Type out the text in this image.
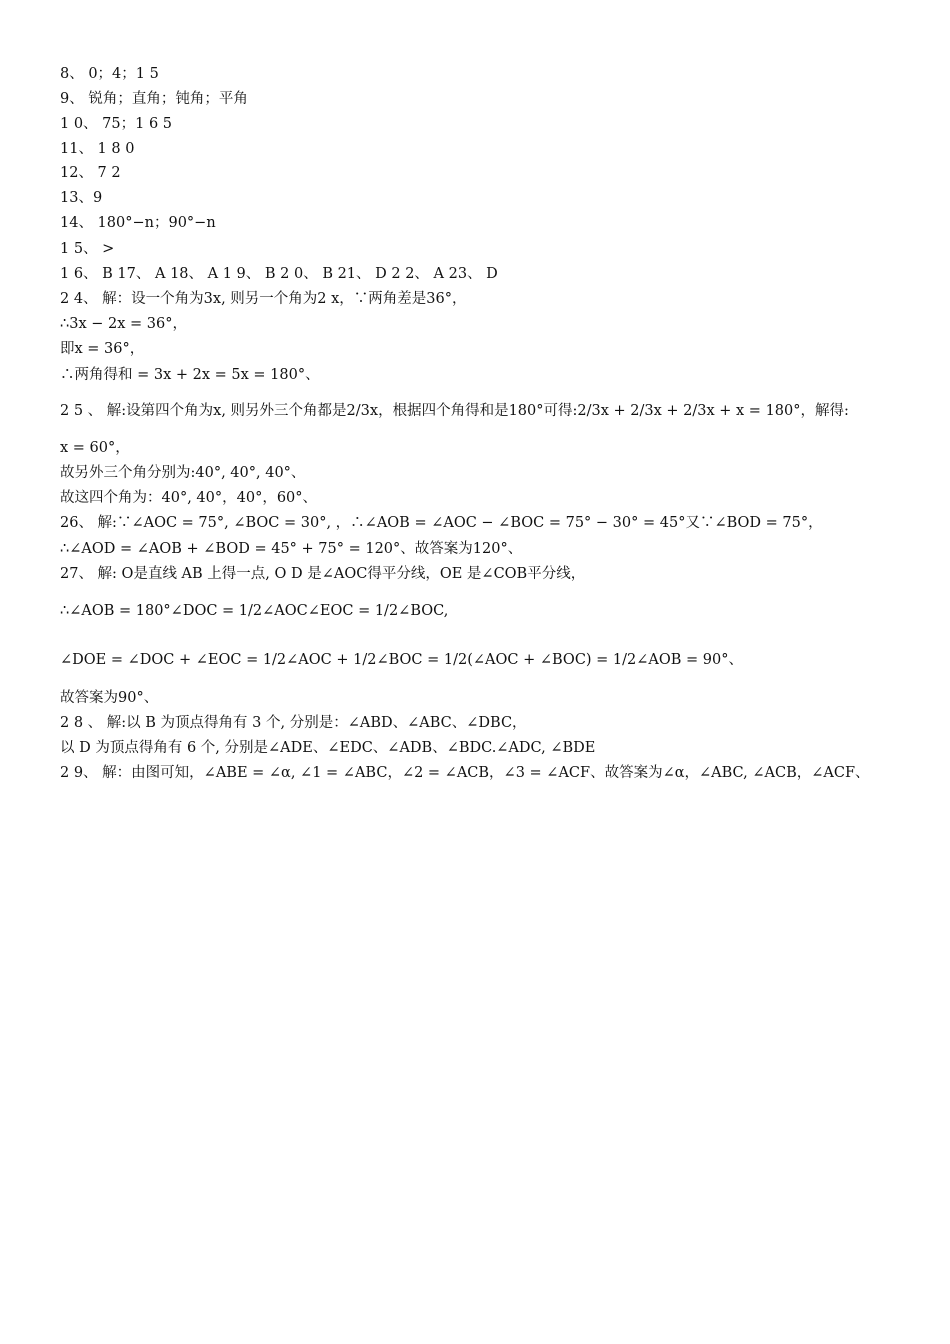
8、 0；4；1 5
9、 锐角；直角；钝角；平角
1 0、 75；1 6 5
11、 1 8 0
12、 7 2
13、9
14、 180°−n；90°−n
1 5、 >
1 6、 B 17、 A 18、 A 1 9、 B 2 0、 B 21、 D 2 2、 A 23、 D
2 4、 解：设一个角为3x, 则另一个角为2 x，∵两角差是36°，
∴3x − 2x = 36°，
即x = 36°，
∴两角得和 = 3x + 2x = 5x = 180°、
2 5 、 解:设第四个角为x, 则另外三个角都是2/3x，根据四个角得和是180°可得:2/3x + 2/3x + 2/3x + x = 180°，解得:
x = 60°，
故另外三个角分别为:40°, 40°, 40°、
故这四个角为：40°, 40°，40°，60°、
26、 解:∵∠AOC = 75°, ∠BOC = 30°, ，∴∠AOB = ∠AOC − ∠BOC = 75° − 30° = 45°又∵∠BOD = 75°，
∴∠AOD = ∠AOB + ∠BOD = 45° + 75° = 120°、故答案为120°、
27、 解: O是直线 AB 上得一点, O D 是∠AOC得平分线，OE 是∠COB平分线，
∴∠AOB = 180°∠DOC = 1/2∠AOC∠EOC = 1/2∠BOC,
∠DOE = ∠DOC + ∠EOC = 1/2∠AOC + 1/2∠BOC = 1/2(∠AOC + ∠BOC) = 1/2∠AOB = 90°、
故答案为90°、
2 8 、 解:以 B 为顶点得角有 3 个, 分别是：∠ABD、∠ABC、∠DBC，
以 D 为顶点得角有 6 个, 分别是∠ADE、∠EDC、∠ADB、∠BDC.∠ADC, ∠BDE
2 9、 解：由图可知，∠ABE = ∠α, ∠1 = ∠ABC，∠2 = ∠ACB，∠3 = ∠ACF、故答案为∠α，∠ABC, ∠ACB，∠ACF、
